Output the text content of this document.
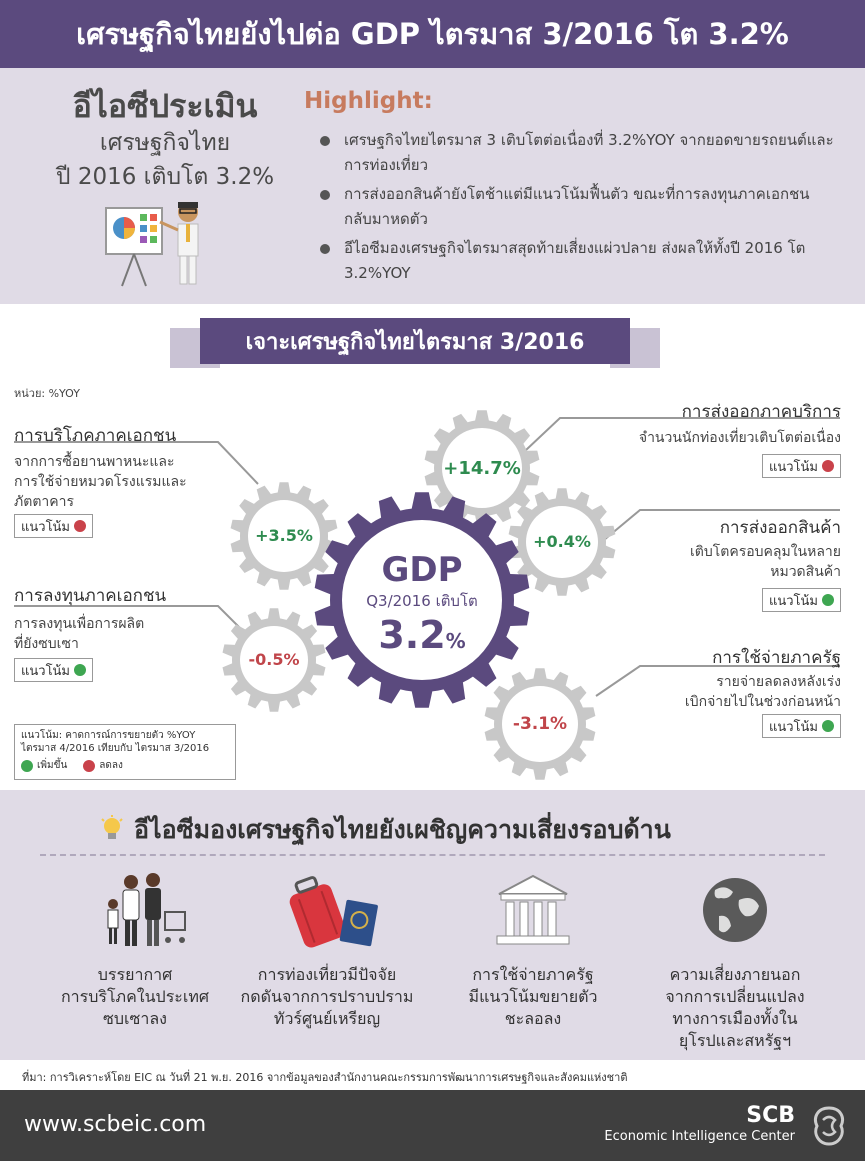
เศรษฐกิจไทยยังไปต่อ GDP ไตรมาส 3/2016 โต 3.2%
อีไอซีประเมิน
เศรษฐกิจไทย
ปี 2016 เติบโต 3.2%
Highlight:
เศรษฐกิจไทยไตรมาส 3 เติบโตต่อเนื่องที่ 3.2%YOY จากยอดขายรถยนต์และการท่องเที่ยว
การส่งออกสินค้ายังโตช้าแต่มีแนวโน้มฟื้นตัว ขณะที่การลงทุนภาคเอกชนกลับมาหดตัว
อีไอซีมองเศรษฐกิจไตรมาสสุดท้ายเสี่ยงแผ่วปลาย ส่งผลให้ทั้งปี 2016 โต 3.2%YOY
เจาะเศรษฐกิจไทยไตรมาส 3/2016
หน่วย: %YOY
GDP
Q3/2016 เติบโต
3.2%
+3.5%
-0.5%
+14.7%
+0.4%
-3.1%
การบริโภคภาคเอกชน
จากการซื้อยานพาหนะและ
การใช้จ่ายหมวดโรงแรมและ
ภัตตาคาร
แนวโน้ม
การลงทุนภาคเอกชน
การลงทุนเพื่อการผลิต
ที่ยังซบเซา
แนวโน้ม
การส่งออกภาคบริการ
จำนวนนักท่องเที่ยวเติบโตต่อเนื่อง
แนวโน้ม
การส่งออกสินค้า
เติบโตครอบคลุมในหลาย
หมวดสินค้า
แนวโน้ม
การใช้จ่ายภาครัฐ
รายจ่ายลดลงหลังเร่ง
เบิกจ่ายไปในช่วงก่อนหน้า
แนวโน้ม
แนวโน้ม: คาดการณ์การขยายตัว %YOY
ไตรมาส 4/2016 เทียบกับ ไตรมาส 3/2016
เพิ่มขึ้น	ลดลง
อีไอซีมองเศรษฐกิจไทยยังเผชิญความเสี่ยงรอบด้าน
บรรยากาศ
การบริโภคในประเทศ
ซบเซาลง
การท่องเที่ยวมีปัจจัย
กดดันจากการปราบปราม
ทัวร์ศูนย์เหรียญ
การใช้จ่ายภาครัฐ
มีแนวโน้มขยายตัว
ชะลอลง
ความเสี่ยงภายนอก
จากการเปลี่ยนแปลง
ทางการเมืองทั้งใน
ยุโรปและสหรัฐฯ
ที่มา: การวิเคราะห์โดย EIC ณ วันที่ 21 พ.ย. 2016 จากข้อมูลของสำนักงานคณะกรรมการพัฒนาการเศรษฐกิจและสังคมแห่งชาติ
www.scbeic.com	SCB
Economic Intelligence Center
